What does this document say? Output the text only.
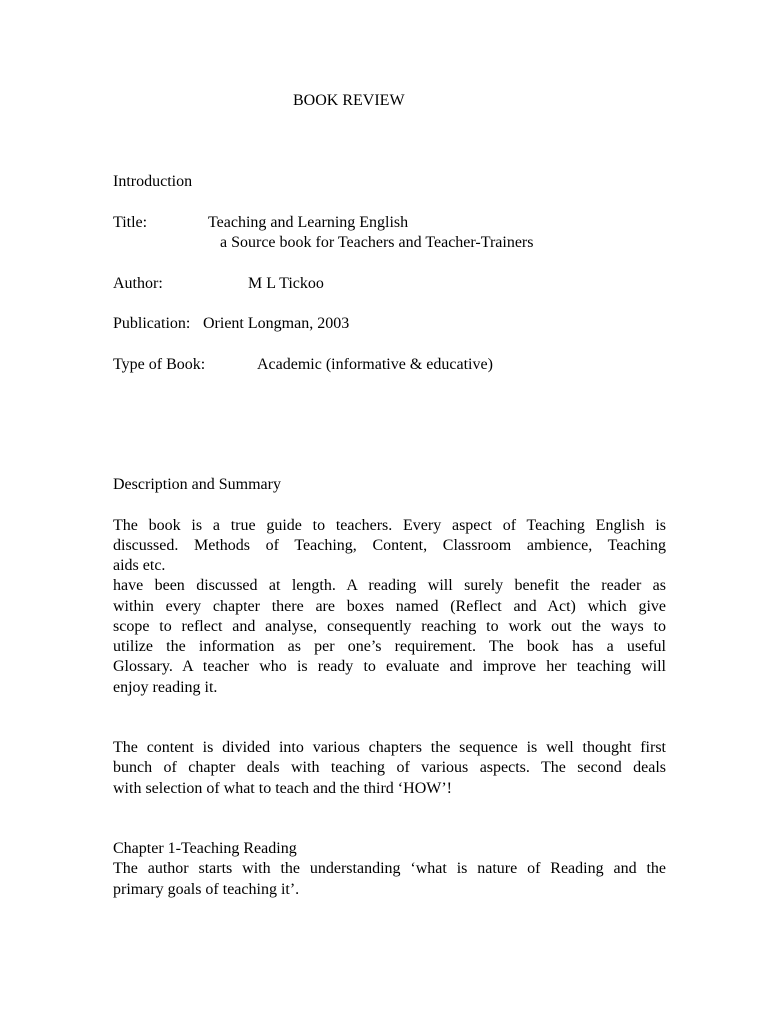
BOOK REVIEW
Introduction
Title:	Teaching and Learning English
a Source book for Teachers and Teacher-Trainers
Author:	M L Tickoo
Publication: Orient Longman, 2003
Type of Book:	Academic (informative & educative)
Description and Summary
The book is a true guide to teachers. Every aspect of Teaching English is
discussed. Methods of Teaching, Content, Classroom ambience, Teaching
aids etc.
have been discussed at length. A reading will surely benefit the reader as
within every chapter there are boxes named (Reflect and Act) which give
scope to reflect and analyse, consequently reaching to work out the ways to
utilize the information as per one’s requirement. The book has a useful
Glossary. A teacher who is ready to evaluate and improve her teaching will
enjoy reading it.
The content is divided into various chapters the sequence is well thought first
bunch of chapter deals with teaching of various aspects. The second deals
with selection of what to teach and the third ‘HOW’!
Chapter 1-Teaching Reading
The author starts with the understanding ‘what is nature of Reading and the
primary goals of teaching it’.
